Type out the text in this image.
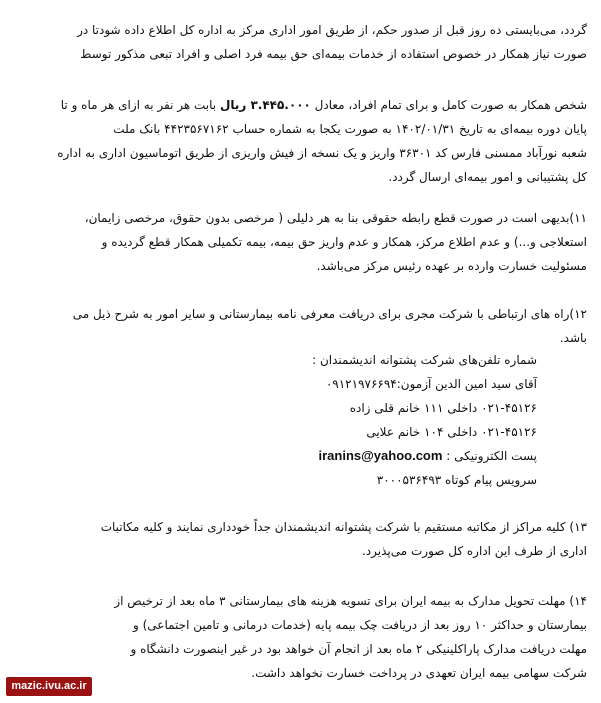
گردد، می‌بایستی ده روز قبل از صدور حکم، از طریق امور اداری مرکز به اداره کل اطلاع داده شودتا در
صورت نیاز همکار در خصوص استفاده از خدمات بیمه‌ای حق بیمه فرد اصلی و افراد تبعی مذکور توسط
شخص همکار به صورت کامل و برای تمام افراد، معادل ۳.۴۴۵.۰۰۰ ریال بابت هر نفر به ازای هر ماه و تا
پایان دوره بیمه‌ای به تاریخ ۱۴۰۲/۰۱/۳۱ به صورت یکجا به شماره حساب ۴۴۲۳۵۶۷۱۶۲ بانک ملت
شعبه نورآباد ممسنی فارس کد ۳۶۳۰۱ واریز و یک نسخه از فیش واریزی از طریق اتوماسیون اداری به اداره
کل پشتیبانی و امور بیمه‌ای ارسال گردد.
۱۱)بدیهی است در صورت قطع رابطه حقوقی بنا به هر دلیلی ( مرخصی بدون حقوق، مرخصی زایمان،
استعلاجی و...) و عدم اطلاع مرکز، همکار و عدم واریز حق بیمه، بیمه تکمیلی همکار قطع گردیده و
مسئولیت خسارت وارده بر عهده رئیس مرکز می‌باشد.
۱۲)راه های ارتباطی با شرکت مجری برای دریافت معرفی نامه بیمارستانی و سایر امور به شرح ذیل می
باشد.
شماره تلفن‌های شرکت پشتوانه اندیشمندان :
آقای سید امین الدین آزمون:۰۹۱۲۱۹۷۶۶۹۴
۰۲۱-۴۵۱۲۶ داخلی ۱۱۱ خانم قلی زاده
۰۲۱-۴۵۱۲۶ داخلی ۱۰۴ خانم علایی
پست الکترونیکی : iranins@yahoo.com
سرویس پیام کوتاه ۳۰۰۰۵۳۶۴۹۳
۱۳) کلیه مراکز از مکاتبه مستقیم با شرکت پشتوانه اندیشمندان جداً خودداری نمایند و کلیه مکاتبات
اداری از طرف این اداره کل صورت می‌پذیرد.
۱۴) مهلت تحویل مدارک به بیمه ایران برای تسویه هزینه های بیمارستانی ۳ ماه بعد از ترخیص از
بیمارستان و حداکثر ۱۰ روز بعد از دریافت چک بیمه پایه (خدمات درمانی و تامین اجتماعی) و
مهلت دریافت مدارک پاراکلینیکی ۲ ماه بعد از انجام آن خواهد بود در غیر اینصورت دانشگاه و
شرکت سهامی بیمه ایران تعهدی در پرداخت خسارت نخواهد داشت.
mazic.ivu.ac.ir
